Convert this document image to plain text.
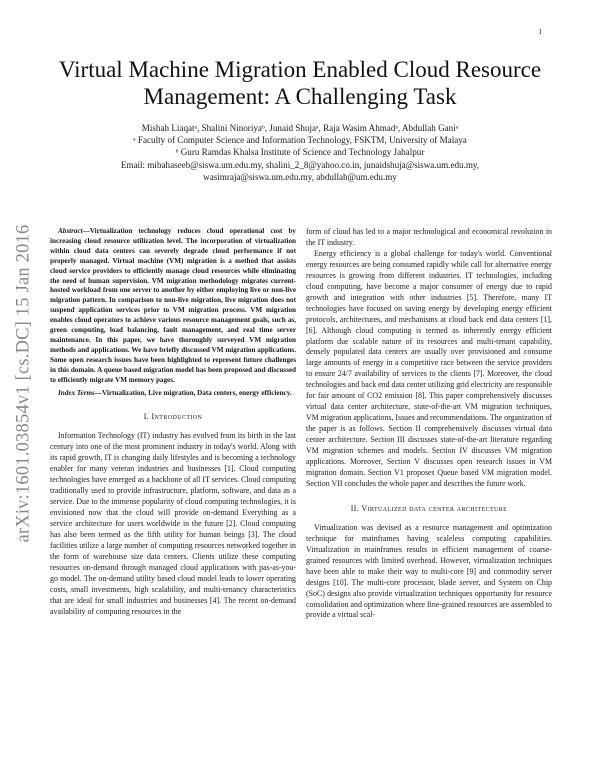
1
arXiv:1601.03854v1 [cs.DC] 15 Jan 2016
Virtual Machine Migration Enabled Cloud Resource
Management: A Challenging Task
Mishah Liaqatᵃ, Shalini Ninoriyaᵇ, Junaid Shujaᵃ, Raja Wasim Ahmadᵃ, Abdullah Ganiᵃ
ᵃ Faculty of Computer Science and Information Technology, FSKTM, University of Malaya
ᵇ Guru Ramdas Khalsa Institute of Science and Technology Jabalpur
Email: mibahaseeb@siswa.um.edu.my, shalini_2_8@yahoo.co.in, junaidshuja@siswa.um.edu.my,
wasimraja@siswa.um.edu.my, abdullah@um.edu.my

Abstract—Virtualization technology reduces cloud operational cost by increasing cloud resource utilization level. The incorporation of virtualization within cloud data centers can severely degrade cloud performance if not properly managed. Virtual machine (VM) migration is a method that assists cloud service providers to efficiently manage cloud resources while eliminating the need of human supervision. VM migration methodology migrates current-hosted workload from one server to another by either employing live or non-live migration pattern. In comparison to non-live migration, live migration does not suspend application services prior to VM migration process. VM migration enables cloud operators to achieve various resource management goals, such as, green computing, load balancing, fault management, and real time server maintenance. In this paper, we have thoroughly surveyed VM migration methods and applications. We have briefly discussed VM migration applications. Some open research issues have been highlighted to represent future challenges in this domain. A queue based migration model has been proposed and discussed to efficiently migrate VM memory pages.

Index Terms—Virtualization, Live migration, Data centers, energy efficiency.

I. Introduction

Information Technology (IT) industry has evolved from its birth in the last century into one of the most prominent industry in today's world. Along with its rapid growth, IT is changing daily lifestyles and is becoming a technology enabler for many veteran industries and businesses [1]. Cloud computing technologies have emerged as a backbone of all IT services. Cloud computing traditionally used to provide infrastructure, platform, software, and data as a service. Due to the immense popularity of cloud computing technologies, it is envisioned now that the cloud will provide on-demand Everything as a service architecture for users worldwide in the future [2]. Cloud computing has also been termed as the fifth utility for human beings [3]. The cloud facilities utilize a large number of computing resources networked together in the form of warehouse size data centers. Clients utilize these computing resources on-demand through managed cloud applications with pas-as-you-go model. The on-demand utility based cloud model leads to lower operating costs, small investments, high scalability, and multi-tenancy characteristics that are ideal for small industries and businesses [4]. The recent on-demand availability of computing resources in the

form of cloud has led to a major technological and economical revolution in the IT industry.

Energy efficiency is a global challenge for today's world. Conventional energy resources are being consumed rapidly while call for alternative energy resources is growing from different industries. IT technologies, including cloud computing, have become a major consumer of energy due to rapid growth and integration with other industries [5]. Therefore, many IT technologies have focused on saving energy by developing energy efficient protocols, architectures, and mechanisms at cloud back end data centers [1], [6]. Although cloud computing is termed as inherently energy efficient platform due scalable nature of its resources and multi-tenant capability, densely populated data centers are usually over provisioned and consume large amounts of energy in a competitive race between the service providers to ensure 24/7 availability of services to the clients [7]. Moreover, the cloud technologies and back end data center utilizing grid electricity are responsible for fair amount of CO2 emission [8]. This paper comprehensively discusses virtual data center architecture, state-of-the-art VM migration techniques, VM migration applications, Issues and recommendations. The organization of the paper is as follows. Section II comprehensively discusses virtual data center architecture. Section III discusses state-of-the-art literature regarding VM migration schemes and models. Section IV discusses VM migration applications. Moreover, Section V discusses open research issues in VM migration domain. Section V1 proposes Queue based VM migration model. Section VII concludes the whole paper and describes the future work.

II. Virtualized data center architecture

Virtualization was devised as a resource management and optimization technique for mainframes having scaleless computing capabilities. Virtualization in mainframes results in efficient management of coarse-grained resources with limited overhead. However, virtualization techniques have been able to make their way to multi-core [9] and commodity server designs [10]. The multi-core processor, blade server, and System on Chip (SoC) designs also provide virtualization techniques opportunity for resource consolidation and optimization where fine-grained resources are assembled to provide a virtual scal-
